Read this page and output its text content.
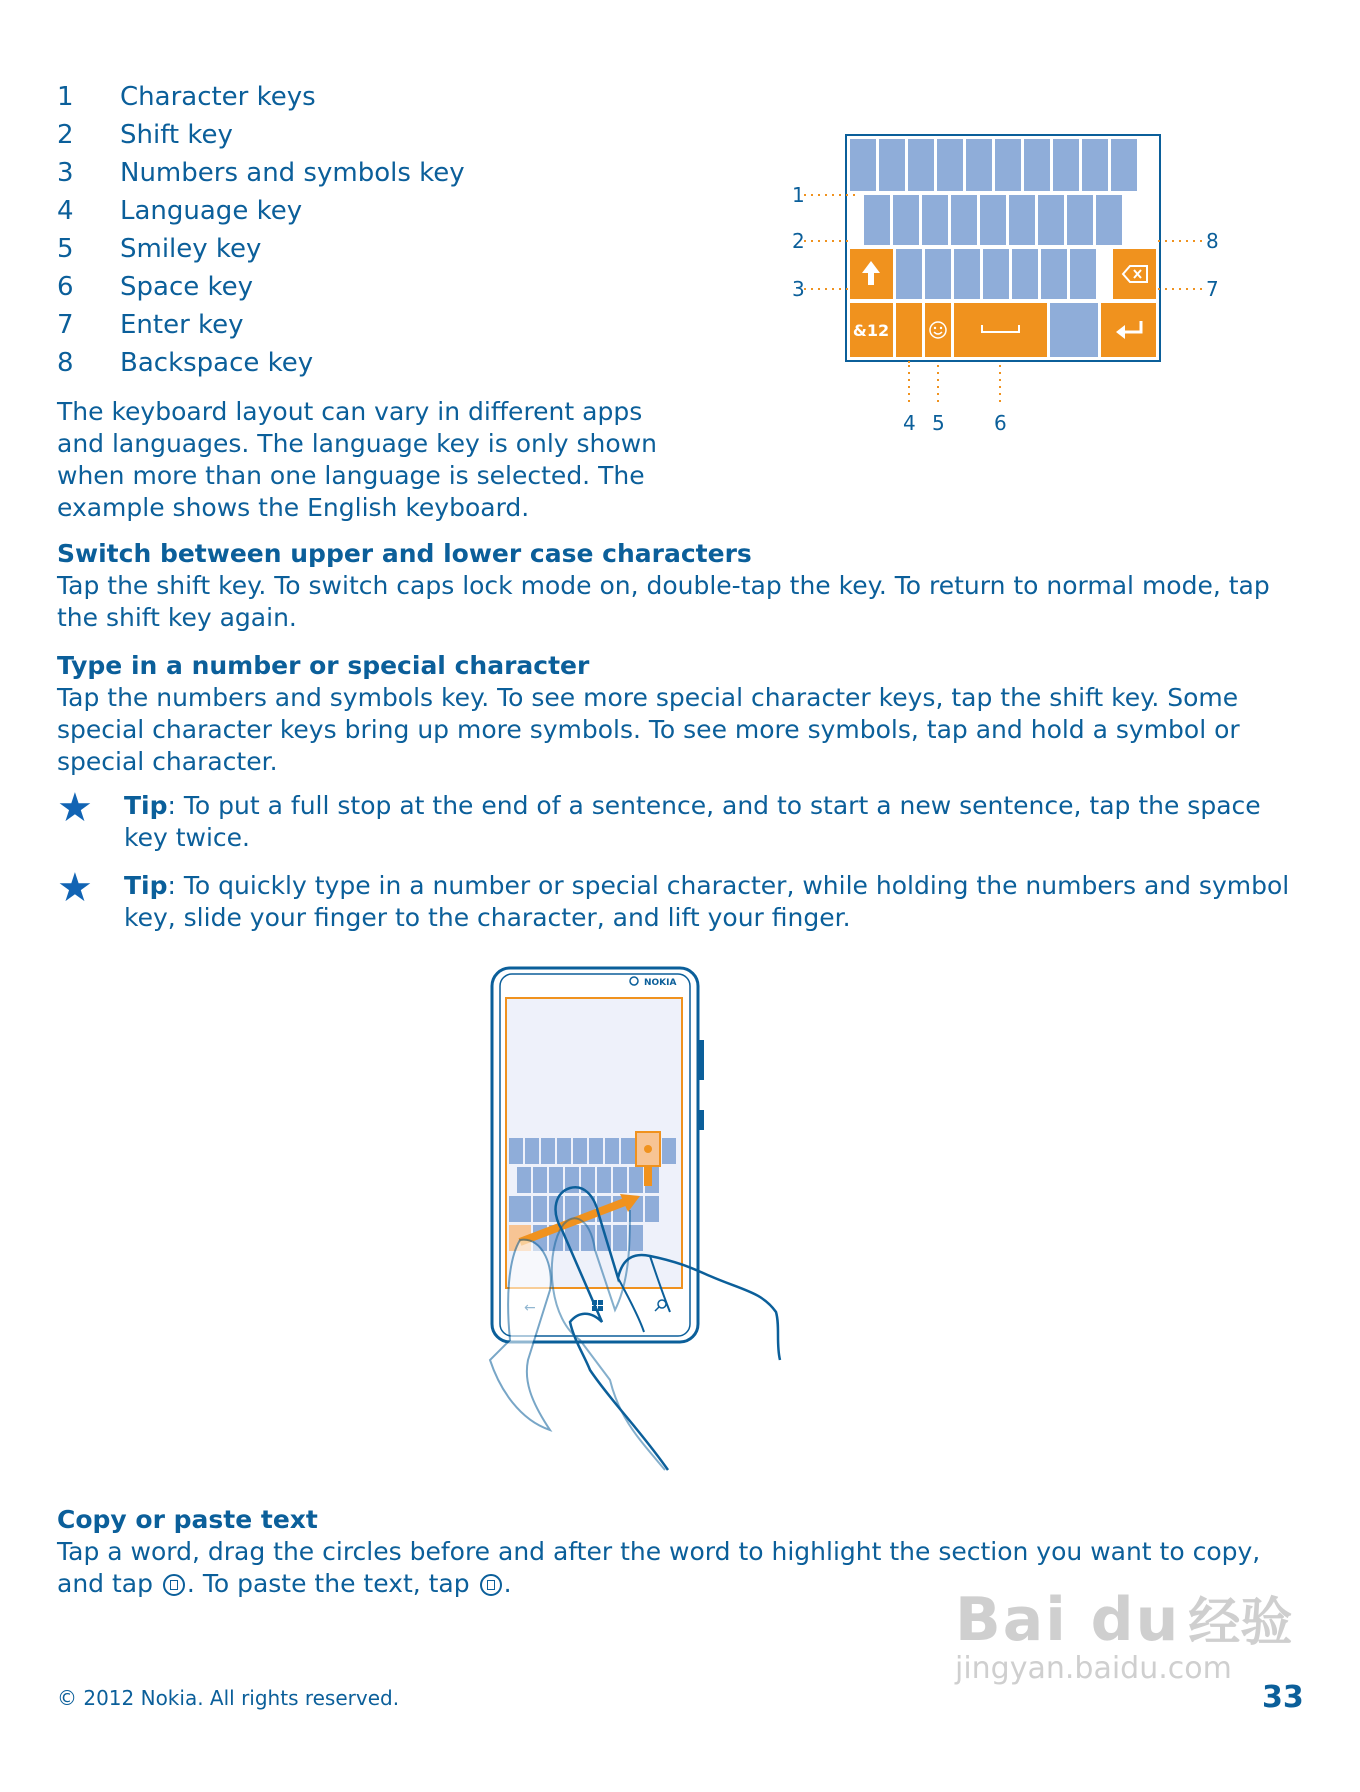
1	Character keys
2	Shift key
3	Numbers and symbols key
4	Language key
5	Smiley key
6	Space key
7	Enter key
8	Backspace key
The keyboard layout can vary in different apps and languages. The language key is only shown when more than one language is selected. The example shows the English keyboard.
&12
1
2
3
4 5 6
7
8
Switch between upper and lower case characters
Tap the shift key. To switch caps lock mode on, double-tap the key. To return to normal mode, tap the shift key again.
Type in a number or special character
Tap the numbers and symbols key. To see more special character keys, tap the shift key. Some special character keys bring up more symbols. To see more symbols, tap and hold a symbol or special character.
★	Tip: To put a full stop at the end of a sentence, and to start a new sentence, tap the space key twice.
★	Tip: To quickly type in a number or special character, while holding the numbers and symbol key, slide your finger to the character, and lift your finger.
NOKIA
Copy or paste text
Tap a word, drag the circles before and after the word to highlight the section you want to copy, and tap . To paste the text, tap .
Bai du 经验
jingyan.baidu.com
© 2012 Nokia. All rights reserved.	33
